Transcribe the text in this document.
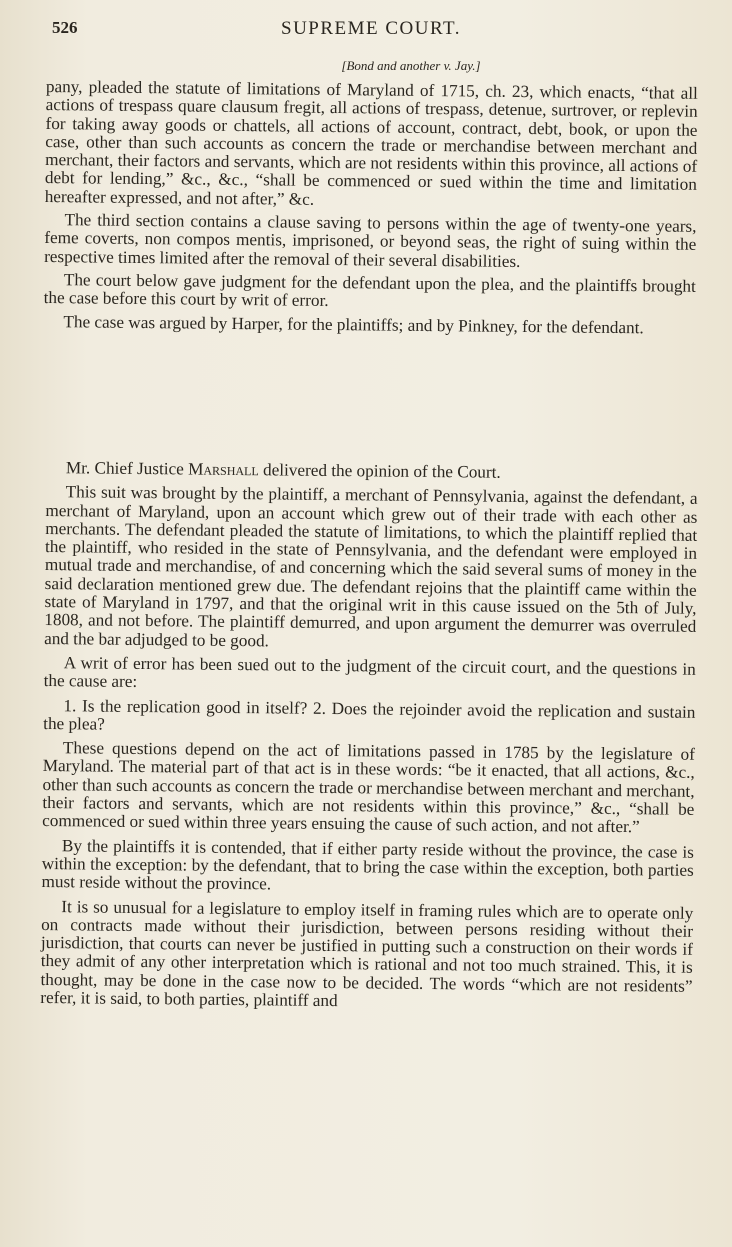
526	SUPREME COURT.
[Bond and another v. Jay.]

pany, pleaded the statute of limitations of Maryland of 1715, ch. 23, which enacts, “that all actions of trespass quare clausum fregit, all actions of trespass, detenue, surtrover, or replevin for taking away goods or chattels, all actions of account, contract, debt, book, or upon the case, other than such accounts as concern the trade or merchandise between merchant and merchant, their factors and servants, which are not residents within this province, all actions of debt for lending,” &c., &c., “shall be commenced or sued within the time and limitation hereafter expressed, and not after,” &c.

The third section contains a clause saving to persons within the age of twenty-one years, feme coverts, non compos mentis, imprisoned, or beyond seas, the right of suing within the respective times limited after the removal of their several disabilities.

The court below gave judgment for the defendant upon the plea, and the plaintiffs brought the case before this court by writ of error.

The case was argued by Harper, for the plaintiffs; and by Pinkney, for the defendant.

Mr. Chief Justice Marshall delivered the opinion of the Court.

This suit was brought by the plaintiff, a merchant of Pennsylvania, against the defendant, a merchant of Maryland, upon an account which grew out of their trade with each other as merchants. The defendant pleaded the statute of limitations, to which the plaintiff replied that the plaintiff, who resided in the state of Pennsylvania, and the defendant were employed in mutual trade and merchandise, of and concerning which the said several sums of money in the said declaration mentioned grew due. The defendant rejoins that the plaintiff came within the state of Maryland in 1797, and that the original writ in this cause issued on the 5th of July, 1808, and not before. The plaintiff demurred, and upon argument the demurrer was overruled and the bar adjudged to be good.

A writ of error has been sued out to the judgment of the circuit court, and the questions in the cause are:

1. Is the replication good in itself? 2. Does the rejoinder avoid the replication and sustain the plea?

These questions depend on the act of limitations passed in 1785 by the legislature of Maryland. The material part of that act is in these words: “be it enacted, that all actions, &c., other than such accounts as concern the trade or merchandise between merchant and merchant, their factors and servants, which are not residents within this province,” &c., “shall be commenced or sued within three years ensuing the cause of such action, and not after.”

By the plaintiffs it is contended, that if either party reside without the province, the case is within the exception: by the defendant, that to bring the case within the exception, both parties must reside without the province.

It is so unusual for a legislature to employ itself in framing rules which are to operate only on contracts made without their jurisdiction, between persons residing without their jurisdiction, that courts can never be justified in putting such a construction on their words if they admit of any other interpretation which is rational and not too much strained. This, it is thought, may be done in the case now to be decided. The words “which are not residents” refer, it is said, to both parties, plaintiff and
